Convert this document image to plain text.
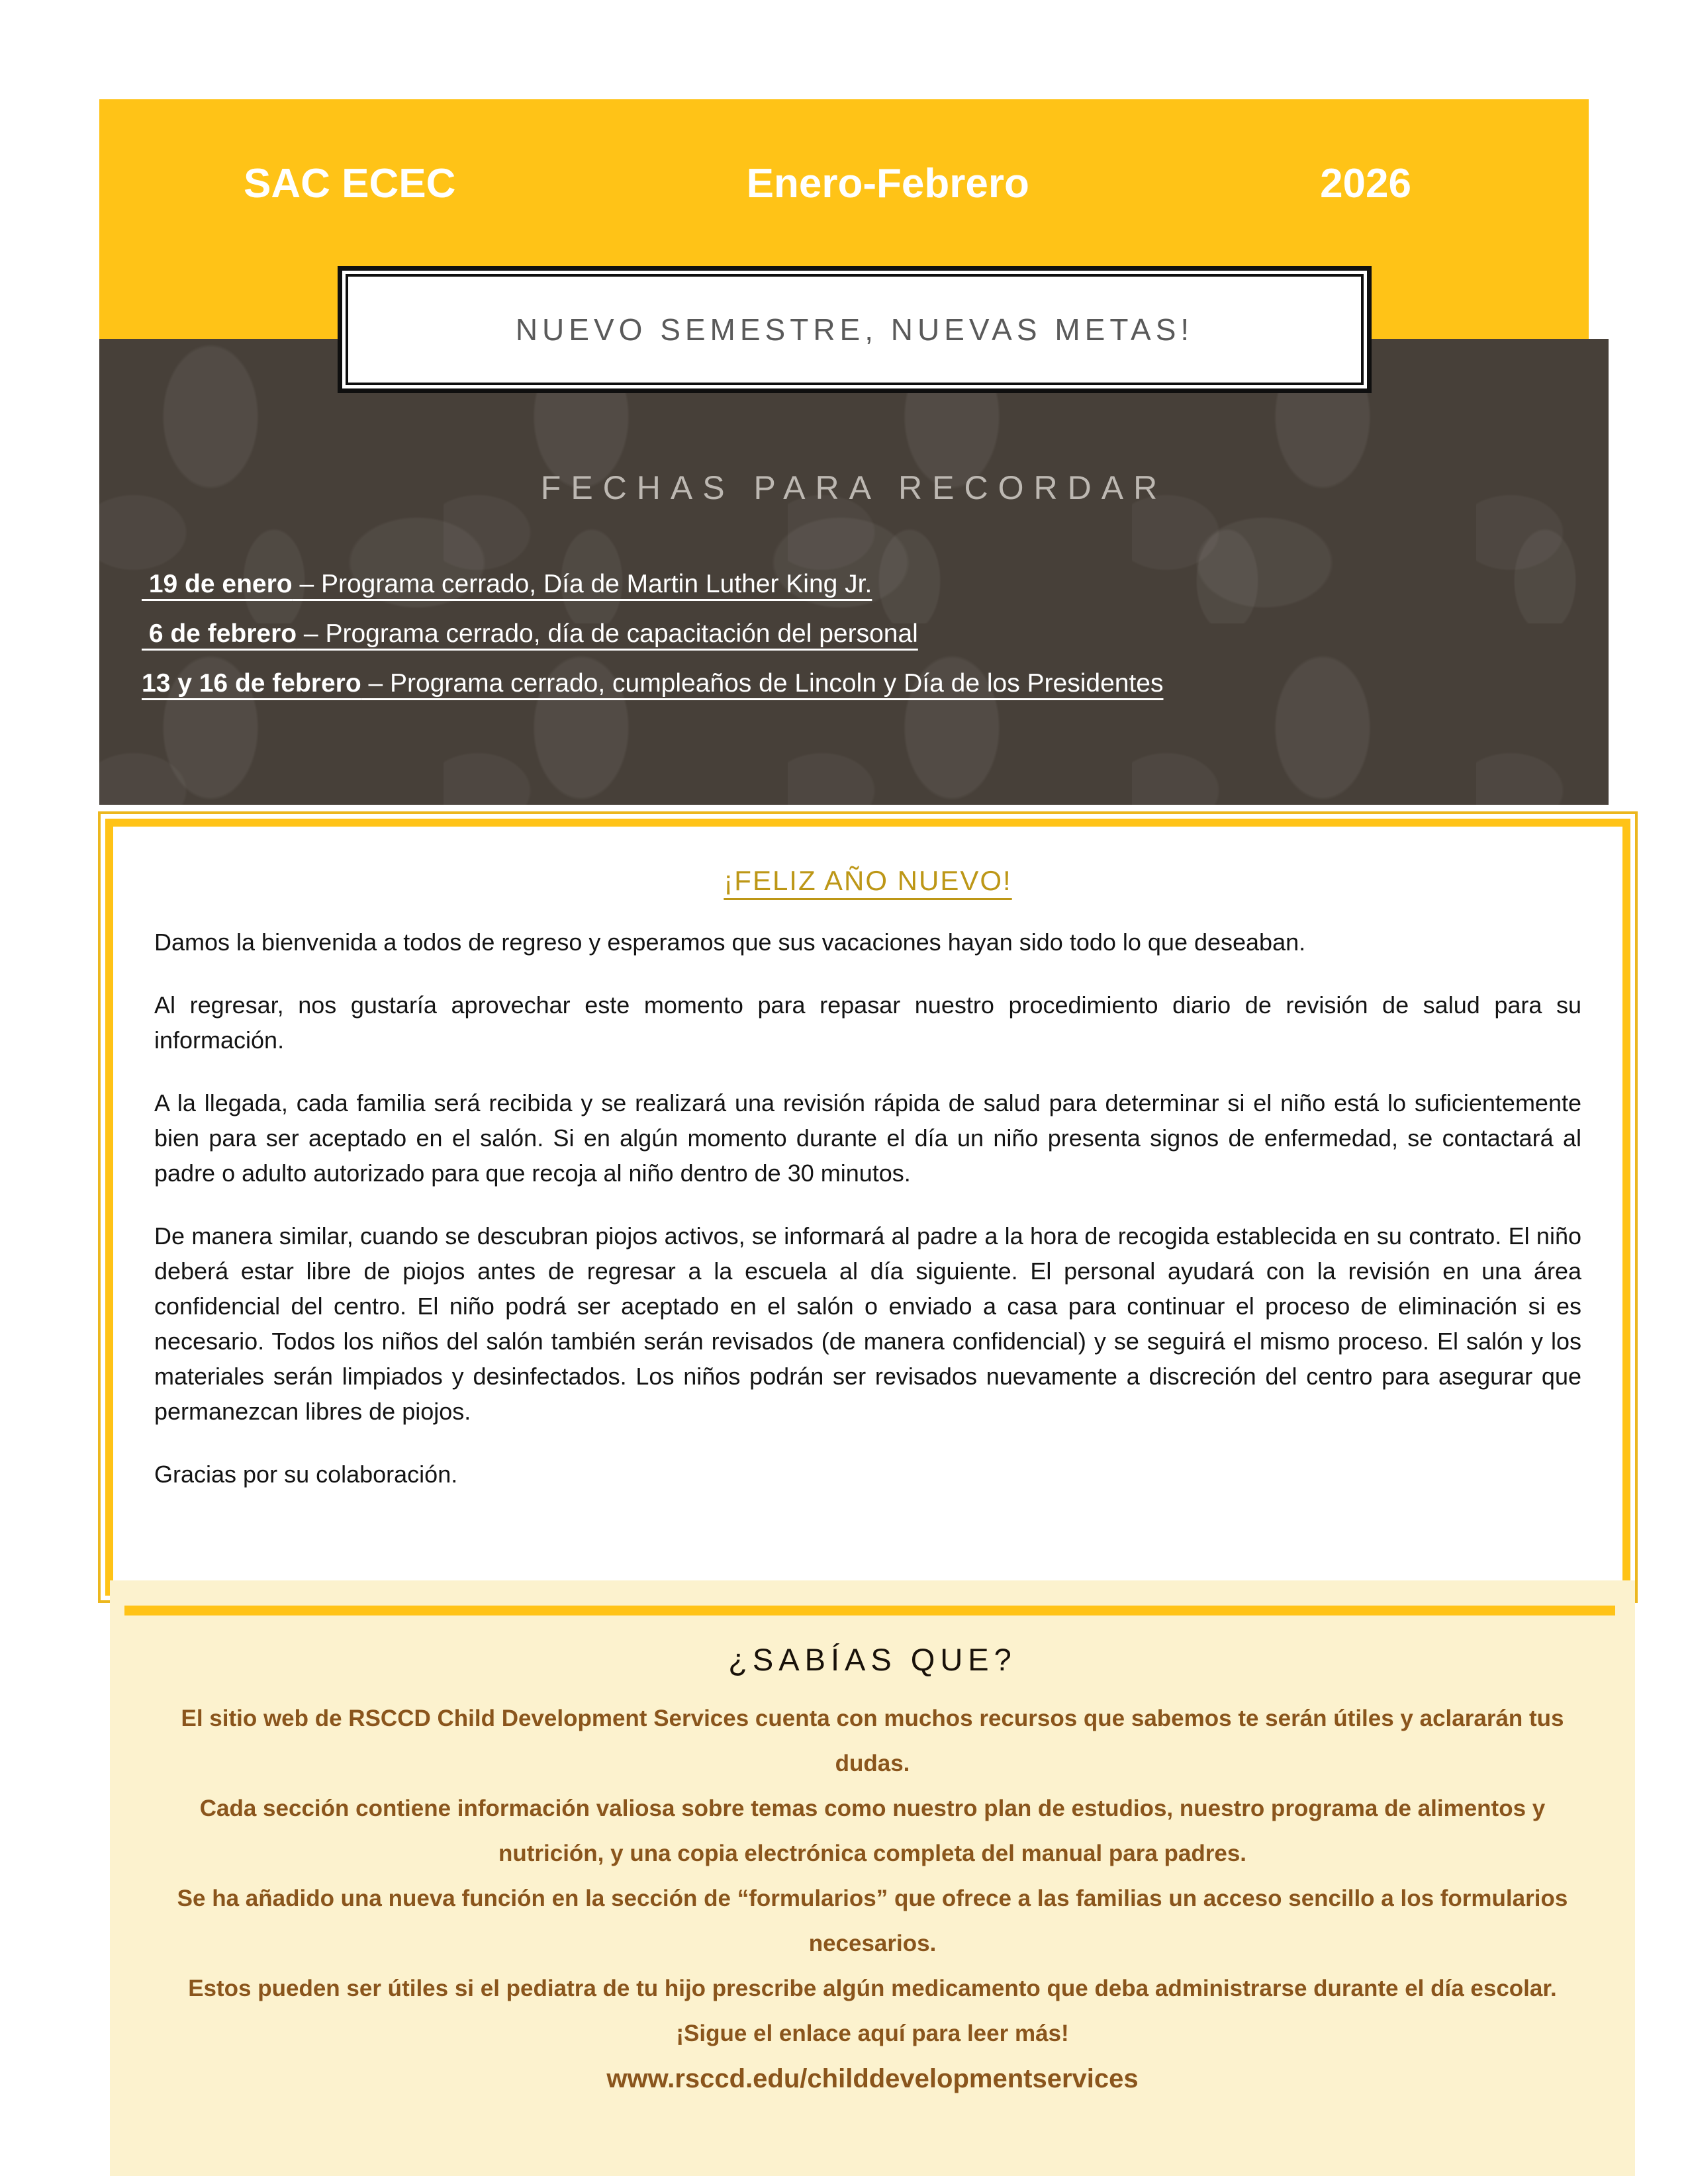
SAC ECEC	Enero-Febrero	2026
NUEVO SEMESTRE, NUEVAS METAS!
FECHAS PARA RECORDAR
19 de enero – Programa cerrado, Día de Martin Luther King Jr.
6 de febrero – Programa cerrado, día de capacitación del personal
13 y 16 de febrero – Programa cerrado, cumpleaños de Lincoln y Día de los Presidentes
¡FELIZ AÑO NUEVO!

Damos la bienvenida a todos de regreso y esperamos que sus vacaciones hayan sido todo lo que deseaban.

Al regresar, nos gustaría aprovechar este momento para repasar nuestro procedimiento diario de revisión de salud para su información.

A la llegada, cada familia será recibida y se realizará una revisión rápida de salud para determinar si el niño está lo suficientemente bien para ser aceptado en el salón. Si en algún momento durante el día un niño presenta signos de enfermedad, se contactará al padre o adulto autorizado para que recoja al niño dentro de 30 minutos.

De manera similar, cuando se descubran piojos activos, se informará al padre a la hora de recogida establecida en su contrato. El niño deberá estar libre de piojos antes de regresar a la escuela al día siguiente. El personal ayudará con la revisión en una área confidencial del centro. El niño podrá ser aceptado en el salón o enviado a casa para continuar el proceso de eliminación si es necesario. Todos los niños del salón también serán revisados (de manera confidencial) y se seguirá el mismo proceso. El salón y los materiales serán limpiados y desinfectados. Los niños podrán ser revisados nuevamente a discreción del centro para asegurar que permanezcan libres de piojos.

Gracias por su colaboración.

¿SABÍAS QUE?

El sitio web de RSCCD Child Development Services cuenta con muchos recursos que sabemos te serán útiles y aclararán tus dudas.

Cada sección contiene información valiosa sobre temas como nuestro plan de estudios, nuestro programa de alimentos y nutrición, y una copia electrónica completa del manual para padres.

Se ha añadido una nueva función en la sección de “formularios” que ofrece a las familias un acceso sencillo a los formularios necesarios.

Estos pueden ser útiles si el pediatra de tu hijo prescribe algún medicamento que deba administrarse durante el día escolar.

¡Sigue el enlace aquí para leer más!

www.rsccd.edu/childdevelopmentservices
